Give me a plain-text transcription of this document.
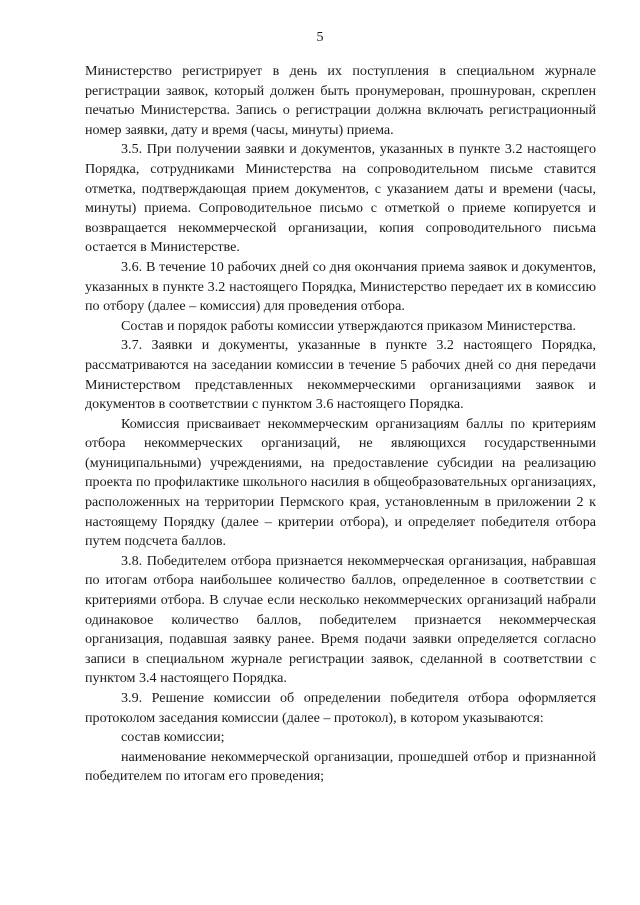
5

Министерство регистрирует в день их поступления в специальном журнале регистрации заявок, который должен быть пронумерован, прошнурован, скреплен печатью Министерства. Запись о регистрации должна включать регистрационный номер заявки, дату и время (часы, минуты) приема.

3.5. При получении заявки и документов, указанных в пункте 3.2 настоящего Порядка, сотрудниками Министерства на сопроводительном письме ставится отметка, подтверждающая прием документов, с указанием даты и времени (часы, минуты) приема. Сопроводительное письмо с отметкой о приеме копируется и возвращается некоммерческой организации, копия сопроводительного письма остается в Министерстве.

3.6. В течение 10 рабочих дней со дня окончания приема заявок и документов, указанных в пункте 3.2 настоящего Порядка, Министерство передает их в комиссию по отбору (далее – комиссия) для проведения отбора.

Состав и порядок работы комиссии утверждаются приказом Министерства.

3.7. Заявки и документы, указанные в пункте 3.2 настоящего Порядка, рассматриваются на заседании комиссии в течение 5 рабочих дней со дня передачи Министерством представленных некоммерческими организациями заявок и документов в соответствии с пунктом 3.6 настоящего Порядка.

Комиссия присваивает некоммерческим организациям баллы по критериям отбора некоммерческих организаций, не являющихся государственными (муниципальными) учреждениями, на предоставление субсидии на реализацию проекта по профилактике школьного насилия в общеобразовательных организациях, расположенных на территории Пермского края, установленным в приложении 2 к настоящему Порядку (далее – критерии отбора), и определяет победителя отбора путем подсчета баллов.

3.8. Победителем отбора признается некоммерческая организация, набравшая по итогам отбора наибольшее количество баллов, определенное в соответствии с критериями отбора. В случае если несколько некоммерческих организаций набрали одинаковое количество баллов, победителем признается некоммерческая организация, подавшая заявку ранее. Время подачи заявки определяется согласно записи в специальном журнале регистрации заявок, сделанной в соответствии с пунктом 3.4 настоящего Порядка.

3.9. Решение комиссии об определении победителя отбора оформляется протоколом заседания комиссии (далее – протокол), в котором указываются:

состав комиссии;

наименование некоммерческой организации, прошедшей отбор и признанной победителем по итогам его проведения;
